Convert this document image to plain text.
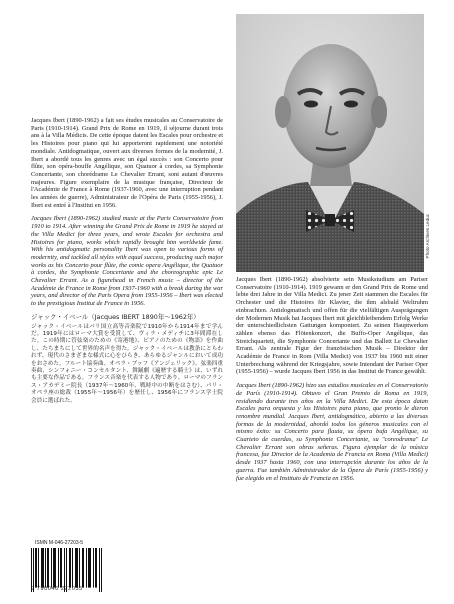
Jacques Ibert (1890-1962) a fait ses études musicales au Conservatoire de Paris (1910-1914). Grand Prix de Rome en 1919, il séjourne durant trois ans à la Villa Médicis. De cette époque datent les Escales pour orchestre et les Histoires pour piano qui lui apporteront rapidement une notoriété mondiale. Antidogmatique, ouvert aux diverses formes de la modernité, J. Ibert a abordé tous les genres avec un égal succès : son Concerto pour flûte, son opéra-bouffe Angélique, son Quatuor à cordes, sa Symphonie Concertante, son chorédrame Le Chevalier Errant, sont autant d'œuvres majeures. Figure exemplaire de la musique française, Directeur de l'Académie de France à Rome (1937-1960, avec une interruption pendant les années de guerre), Administrateur de l'Opéra de Paris (1955-1956), J. Ibert est entré à l'Institut en 1956.

Jacques Ibert (1890-1962) studied music at the Paris Conservatoire from 1910 to 1914. After winning the Grand Prix de Rome in 1919 he stayed at the Villa Medici for three years, and wrote Escales for orchestra and Histoires for piano, works which rapidly brought him worldwide fame. With his antidogmatic personality Ibert was open to various forms of modernity, and tackled all styles with equal success, producing such major works as his Concerto pour flûte, the comic opera Angélique, the Quatuor à cordes, the Symphonie Concertante and the choreographic epic Le Chevalier Errant. As a figurehead in French music – director of the Académie de France in Rome from 1937-1960 with a break during the war years, and director of the Paris Opera from 1955-1956 – Ibert was elected to the prestigious Institut de France in 1956.

ジャック・イベール（Jacques IBERT 1890年〜1962年）

ジャック・イベールはパリ国立高等音楽院で1910年から1914年まで学んだ。1919年にはローマ大賞を受賞して、ヴィラ・メディチに3年間滞在した。この時期に管弦楽のための《寄港地》、ピアノのための《物語》を作曲し、たちまちにして世界的名声を得た。ジャック・イベールは教条にとらわれず、現代のさまざまな様式に心をひらき、あらゆるジャンルにおいて成功をおさめた。フルート協奏曲、オペラ・ブッフ《アンジェリック》、弦楽四重奏曲、シンフォニー・コンセルタント、舞踊劇《遍歴する騎士》は、いずれも主要な作品である。フランス音楽を代表する人物であり、ローマのフランス・アカデミー院長（1937年〜1960年、戦時中の中断をはさむ）、パリ・オペラ座の総裁（1955年〜1956年）を歴任し、1956年にフランス学士院会員に選ばれた。

Photo Archives Leduc

Jacques Ibert (1890-1962) absolvierte sein Musikstudium am Pariser Conservatoire (1910-1914). 1919 gewann er den Grand Prix de Rome und lebte drei Jahre in der Villa Medici. Zu jener Zeit stammen die Escales für Orchester und die Histoires für Klavier, die ihm alsbald Weltruhm einbrachten. Antidogmatisch und offen für die vielfältigen Ausprägungen der Modernen Musik hat Jacques Ibert mit gleichbleibendem Erfolg Werke der unterschiedlichsten Gattungen komponiert. Zu seinen Hauptwerken zählen ebenso das Flötenkonzert, die Buffo-Oper Angélique, das Streichquartett, die Symphonie Concertante und das Ballett Le Chevalier Errant. Als zentrale Figur der französischen Musik – Direktor der Académie de France in Rom (Villa Medici) von 1937 bis 1960 mit einer Unterbrechung während der Kriegsjahre, sowie Intendant der Pariser Oper (1955-1956) – wurde Jacques Ibert 1956 in das Institut de France gewählt.

Jacques Ibert (1890-1962) hizo sus estudios musicales en el Conservatorio de París (1910-1914). Obtuvo el Gran Premio de Roma en 1919, residiendo durante tres años en la Villa Medici. De esta época datan Escales para orquesta y las Histoires para piano, que pronto le dieron renombre mundial. Jacques Ibert, antidogmático, abierto a las diversas formas de la modernidad, abordó todos los géneros musicales con el mismo éxito: su Concerto para flauta, su ópera bufa Angélique, su Cuarteto de cuerdas, su Symphonie Concertante, su "coreodrama" Le Chevalier Errant son obras señeras. Figura ejemplar de la música francesa, fue Director de la Academia de Francia en Roma (Villa Medici) desde 1937 hasta 1960, con una interrupción durante los años de la guerra. Fue también Administrador de la Ópera de París (1955-1956) y fue elegido en el Instituto de Francia en 1956.

ISMN M-046-27203-5
9 790046 272035
